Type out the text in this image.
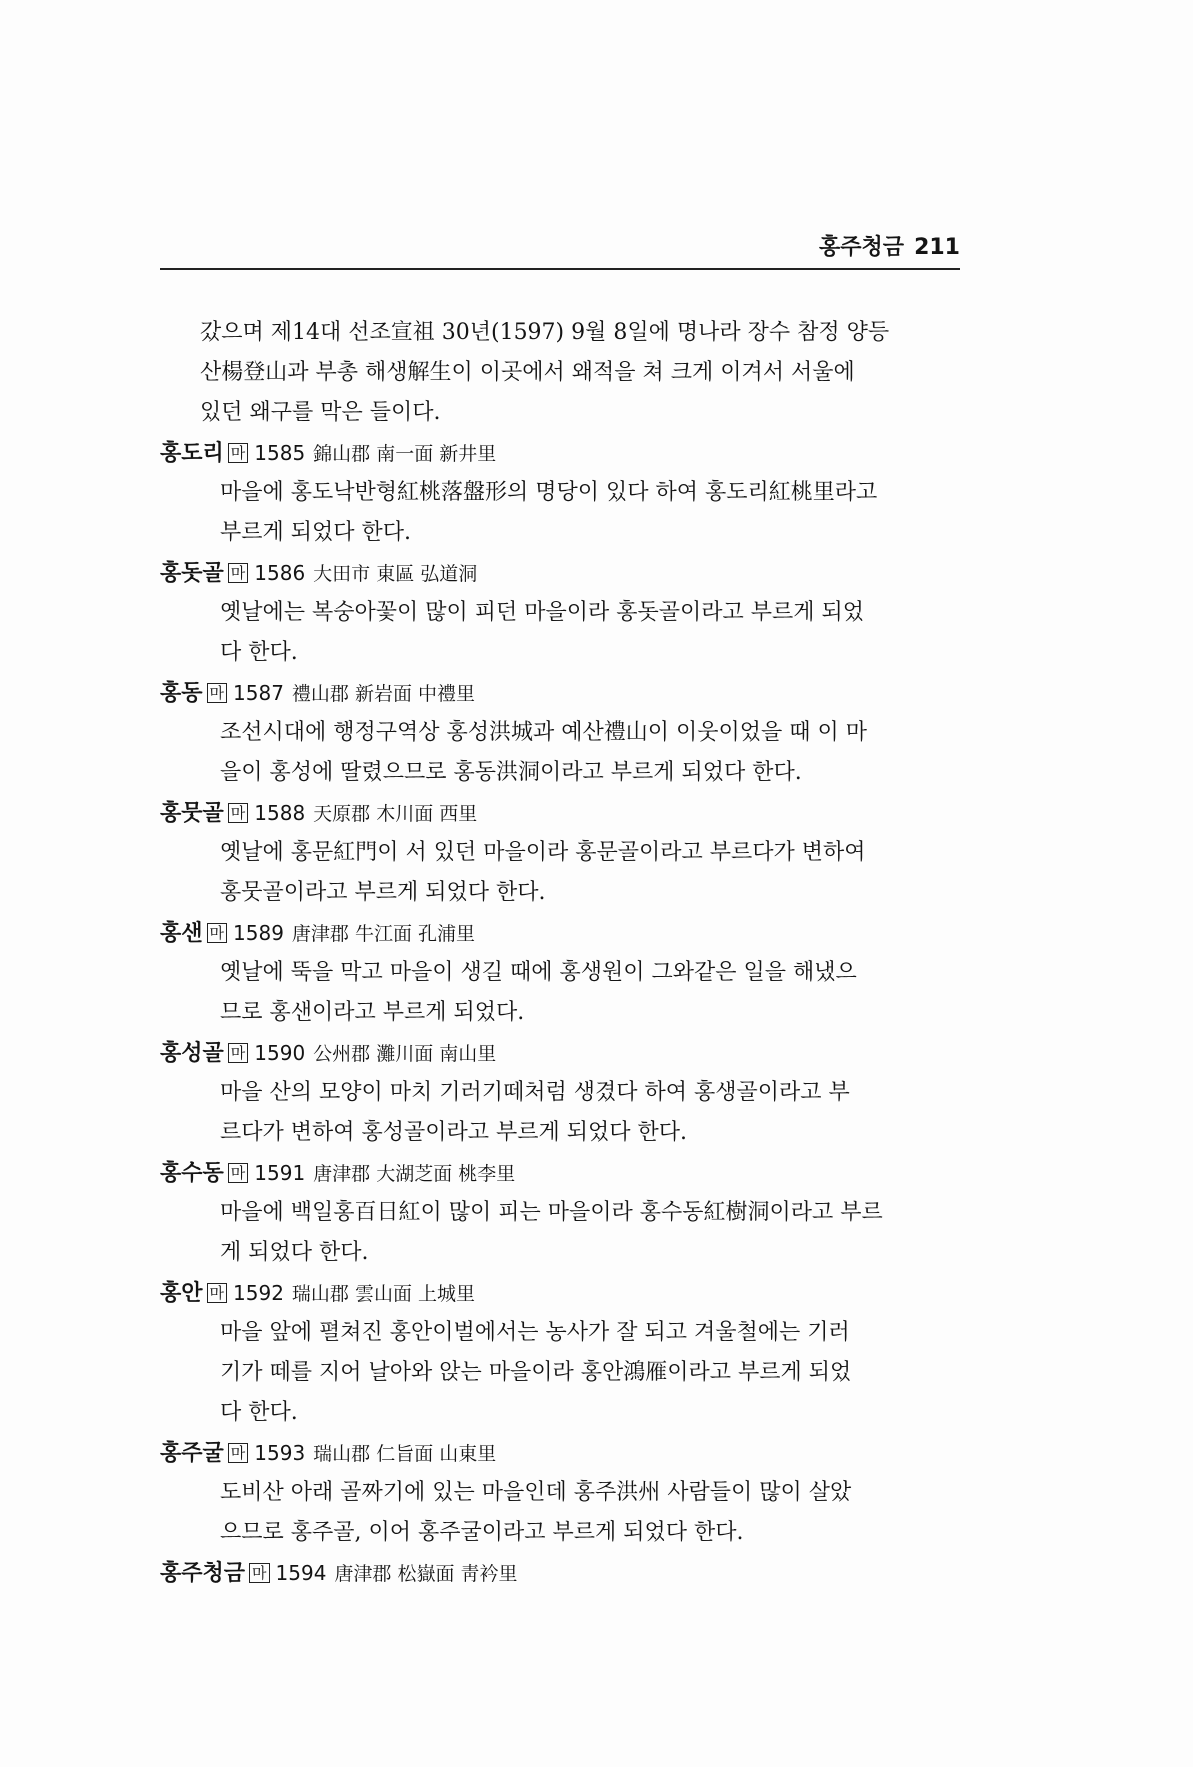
홍주청금 211
갔으며 제14대 선조宣祖 30년(1597) 9월 8일에 명나라 장수 참정 양등
산楊登山과 부총 해생解生이 이곳에서 왜적을 쳐 크게 이겨서 서울에
있던 왜구를 막은 들이다.
홍도리 마 1585 錦山郡 南一面 新井里
마을에 홍도낙반형紅桃落盤形의 명당이 있다 하여 홍도리紅桃里라고
부르게 되었다 한다.
홍돗골 마 1586 大田市 東區 弘道洞
옛날에는 복숭아꽃이 많이 피던 마을이라 홍돗골이라고 부르게 되었
다 한다.
홍동 마 1587 禮山郡 新岩面 中禮里
조선시대에 행정구역상 홍성洪城과 예산禮山이 이웃이었을 때 이 마
을이 홍성에 딸렸으므로 홍동洪洞이라고 부르게 되었다 한다.
홍뭇골 마 1588 天原郡 木川面 西里
옛날에 홍문紅門이 서 있던 마을이라 홍문골이라고 부르다가 변하여
홍뭇골이라고 부르게 되었다 한다.
홍샌 마 1589 唐津郡 牛江面 孔浦里
옛날에 뚝을 막고 마을이 생길 때에 홍생원이 그와같은 일을 해냈으
므로 홍샌이라고 부르게 되었다.
홍성골 마 1590 公州郡 灘川面 南山里
마을 산의 모양이 마치 기러기떼처럼 생겼다 하여 홍생골이라고 부
르다가 변하여 홍성골이라고 부르게 되었다 한다.
홍수동 마 1591 唐津郡 大湖芝面 桃李里
마을에 백일홍百日紅이 많이 피는 마을이라 홍수동紅樹洞이라고 부르
게 되었다 한다.
홍안 마 1592 瑞山郡 雲山面 上城里
마을 앞에 펼쳐진 홍안이벌에서는 농사가 잘 되고 겨울철에는 기러
기가 떼를 지어 날아와 앉는 마을이라 홍안鴻雁이라고 부르게 되었
다 한다.
홍주굴 마 1593 瑞山郡 仁旨面 山東里
도비산 아래 골짜기에 있는 마을인데 홍주洪州 사람들이 많이 살았
으므로 홍주골, 이어 홍주굴이라고 부르게 되었다 한다.
홍주청금 마 1594 唐津郡 松嶽面 靑衿里
